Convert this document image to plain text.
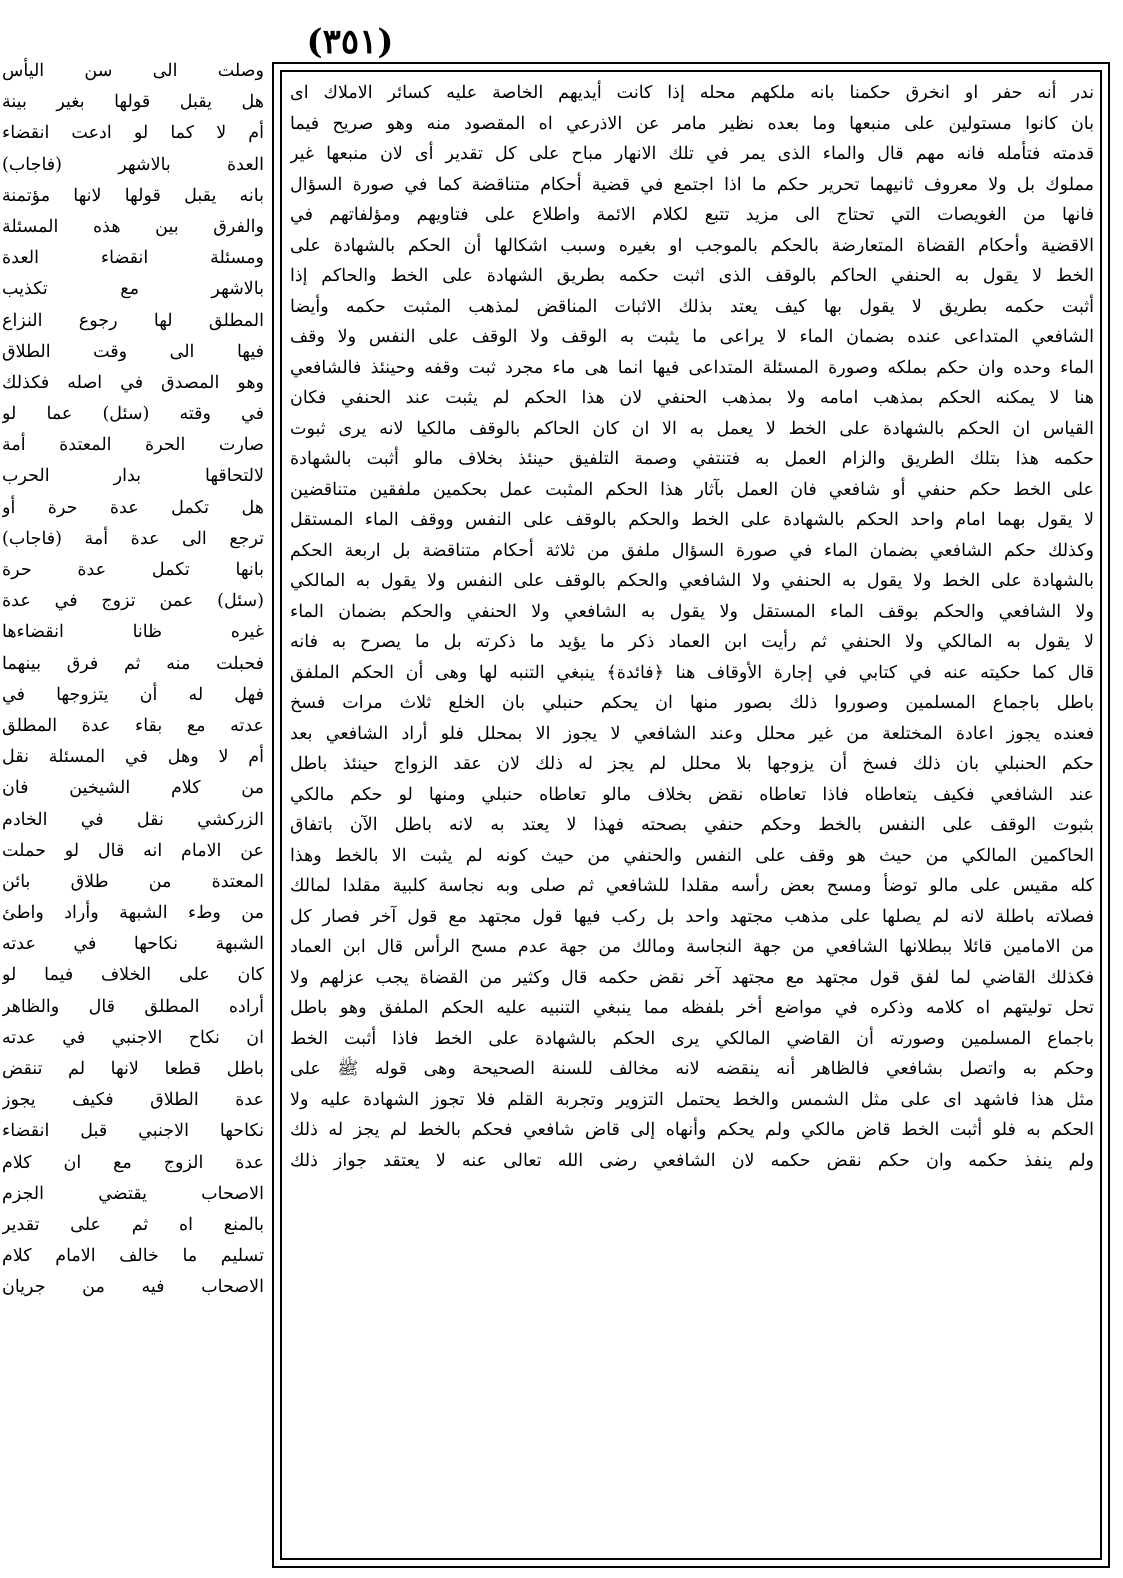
(٣٥١)
وصلت الى سن اليأس
هل يقبل قولها بغير بينة
أم لا كما لو ادعت انقضاء
العدة بالاشهر (فاجاب)
بانه يقبل قولها لانها مؤتمنة
والفرق بين هذه المسئلة
ومسئلة انقضاء العدة
بالاشهر مع تكذيب
المطلق لها رجوع النزاع
فيها الى وقت الطلاق
وهو المصدق في اصله فكذلك
في وقته (سئل) عما لو
صارت الحرة المعتدة أمة
لالتحاقها بدار الحرب
هل تكمل عدة حرة أو
ترجع الى عدة أمة (فاجاب)
بانها تكمل عدة حرة
(سئل) عمن تزوج في عدة
غيره ظانا انقضاءها
فحبلت منه ثم فرق بينهما
فهل له أن يتزوجها في
عدته مع بقاء عدة المطلق
أم لا وهل في المسئلة نقل
من كلام الشيخين فان
الزركشي نقل في الخادم
عن الامام انه قال لو حملت
المعتدة من طلاق بائن
من وطء الشبهة وأراد واطئ
الشبهة نكاحها في عدته
كان على الخلاف فيما لو
أراده المطلق قال والظاهر
ان نكاح الاجنبي في عدته
باطل قطعا لانها لم تنقض
عدة الطلاق فكيف يجوز
نكاحها الاجنبي قبل انقضاء
عدة الزوج مع ان كلام
الاصحاب يقتضي الجزم
بالمنع اه ثم على تقدير
تسليم ما خالف الامام كلام
الاصحاب فيه من جريان
ندر أنه حفر او انخرق حكمنا بانه ملكهم محله إذا كانت أيديهم الخاصة عليه كسائر الاملاك اى
بان كانوا مستولين على منبعها وما بعده نظير مامر عن الاذرعي اه المقصود منه وهو صريح فيما
قدمته فتأمله فانه مهم قال والماء الذى يمر في تلك الانهار مباح على كل تقدير أى لان منبعها غير
مملوك بل ولا معروف ثانيهما تحرير حكم ما اذا اجتمع في قضية أحكام متناقضة كما في صورة السؤال
فانها من الغويصات التي تحتاج الى مزيد تتبع لكلام الائمة واطلاع على فتاويهم ومؤلفاتهم في
الاقضية وأحكام القضاة المتعارضة بالحكم بالموجب او بغيره وسبب اشكالها أن الحكم بالشهادة على
الخط لا يقول به الحنفي الحاكم بالوقف الذى اثبت حكمه بطريق الشهادة على الخط والحاكم إذا
أثبت حكمه بطريق لا يقول بها كيف يعتد بذلك الاثبات المناقض لمذهب المثبت حكمه وأيضا
الشافعي المتداعى عنده بضمان الماء لا يراعى ما يثبت به الوقف ولا الوقف على النفس ولا وقف
الماء وحده وان حكم بملكه وصورة المسئلة المتداعى فيها انما هى ماء مجرد ثبت وقفه وحينئذ فالشافعي
هنا لا يمكنه الحكم بمذهب امامه ولا بمذهب الحنفي لان هذا الحكم لم يثبت عند الحنفي فكان
القياس ان الحكم بالشهادة على الخط لا يعمل به الا ان كان الحاكم بالوقف مالكيا لانه يرى ثبوت
حكمه هذا بتلك الطريق والزام العمل به فتنتفي وصمة التلفيق حينئذ بخلاف مالو أثبت بالشهادة
على الخط حكم حنفي أو شافعي فان العمل بآثار هذا الحكم المثبت عمل بحكمين ملفقين متناقضين
لا يقول بهما امام واحد الحكم بالشهادة على الخط والحكم بالوقف على النفس ووقف الماء المستقل
وكذلك حكم الشافعي بضمان الماء في صورة السؤال ملفق من ثلاثة أحكام متناقضة بل اربعة الحكم
بالشهادة على الخط ولا يقول به الحنفي ولا الشافعي والحكم بالوقف على النفس ولا يقول به المالكي
ولا الشافعي والحكم بوقف الماء المستقل ولا يقول به الشافعي ولا الحنفي والحكم بضمان الماء
لا يقول به المالكي ولا الحنفي ثم رأيت ابن العماد ذكر ما يؤيد ما ذكرته بل ما يصرح به فانه
قال كما حكيته عنه في كتابي في إجارة الأوقاف هنا ﴿فائدة﴾ ينبغي التنبه لها وهى أن الحكم الملفق
باطل باجماع المسلمين وصوروا ذلك بصور منها ان يحكم حنبلي بان الخلع ثلاث مرات فسخ
فعنده يجوز اعادة المختلعة من غير محلل وعند الشافعي لا يجوز الا بمحلل فلو أراد الشافعي بعد
حكم الحنبلي بان ذلك فسخ أن يزوجها بلا محلل لم يجز له ذلك لان عقد الزواج حينئذ باطل
عند الشافعي فكيف يتعاطاه فاذا تعاطاه نقض بخلاف مالو تعاطاه حنبلي ومنها لو حكم مالكي
بثبوت الوقف على النفس بالخط وحكم حنفي بصحته فهذا لا يعتد به لانه باطل الآن باتفاق
الحاكمين المالكي من حيث هو وقف على النفس والحنفي من حيث كونه لم يثبت الا بالخط وهذا
كله مقيس على مالو توضأ ومسح بعض رأسه مقلدا للشافعي ثم صلى وبه نجاسة كلبية مقلدا لمالك
فصلاته باطلة لانه لم يصلها على مذهب مجتهد واحد بل ركب فيها قول مجتهد مع قول آخر فصار كل
من الامامين قائلا ببطلانها الشافعي من جهة النجاسة ومالك من جهة عدم مسح الرأس قال ابن العماد
فكذلك القاضي لما لفق قول مجتهد مع مجتهد آخر نقض حكمه قال وكثير من القضاة يجب عزلهم ولا
تحل توليتهم اه كلامه وذكره في مواضع أخر بلفظه مما ينبغي التنبيه عليه الحكم الملفق وهو باطل
باجماع المسلمين وصورته أن القاضي المالكي يرى الحكم بالشهادة على الخط فاذا أثبت الخط
وحكم به واتصل بشافعي فالظاهر أنه ينقضه لانه مخالف للسنة الصحيحة وهى قوله ﷺ على
مثل هذا فاشهد اى على مثل الشمس والخط يحتمل التزوير وتجربة القلم فلا تجوز الشهادة عليه ولا
الحكم به فلو أثبت الخط قاض مالكي ولم يحكم وأنهاه إلى قاض شافعي فحكم بالخط لم يجز له ذلك
ولم ينفذ حكمه وان حكم نقض حكمه لان الشافعي رضى الله تعالى عنه لا يعتقد جواز ذلك
